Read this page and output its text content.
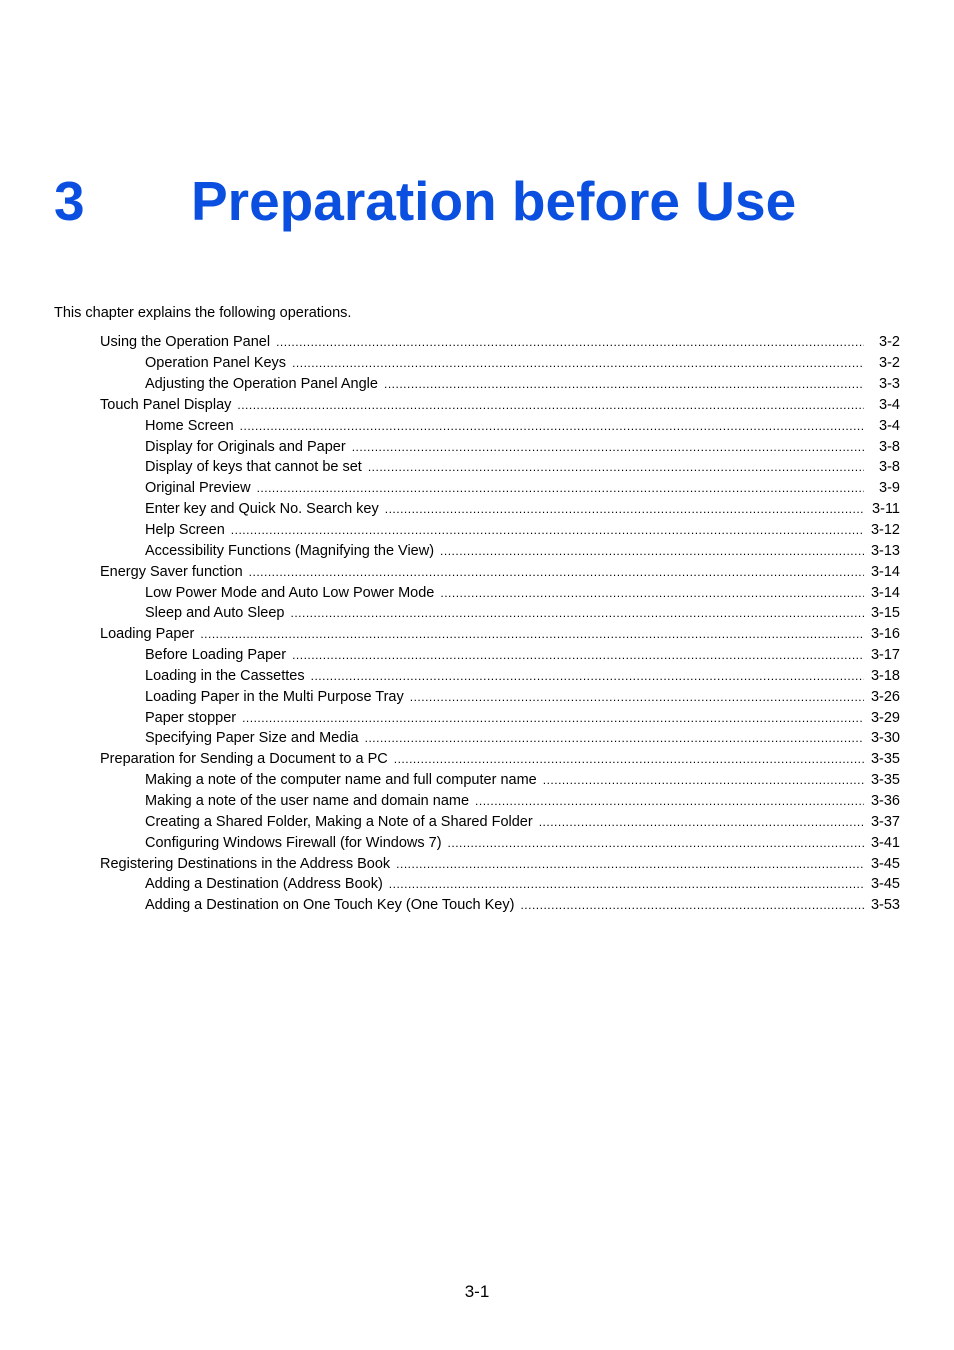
3 Preparation before Use
This chapter explains the following operations.
Using the Operation Panel .....	3-2
Operation Panel Keys .....	3-2
Adjusting the Operation Panel Angle .....	3-3
Touch Panel Display .....	3-4
Home Screen .....	3-4
Display for Originals and Paper .....	3-8
Display of keys that cannot be set .....	3-8
Original Preview .....	3-9
Enter key and Quick No. Search key .....	3-11
Help Screen .....	3-12
Accessibility Functions (Magnifying the View) .....	3-13
Energy Saver function .....	3-14
Low Power Mode and Auto Low Power Mode .....	3-14
Sleep and Auto Sleep .....	3-15
Loading Paper .....	3-16
Before Loading Paper .....	3-17
Loading in the Cassettes .....	3-18
Loading Paper in the Multi Purpose Tray .....	3-26
Paper stopper .....	3-29
Specifying Paper Size and Media .....	3-30
Preparation for Sending a Document to a PC .....	3-35
Making a note of the computer name and full computer name .....	3-35
Making a note of the user name and domain name .....	3-36
Creating a Shared Folder, Making a Note of a Shared Folder .....	3-37
Configuring Windows Firewall (for Windows 7) .....	3-41
Registering Destinations in the Address Book .....	3-45
Adding a Destination (Address Book) .....	3-45
Adding a Destination on One Touch Key (One Touch Key) .....	3-53
3-1
